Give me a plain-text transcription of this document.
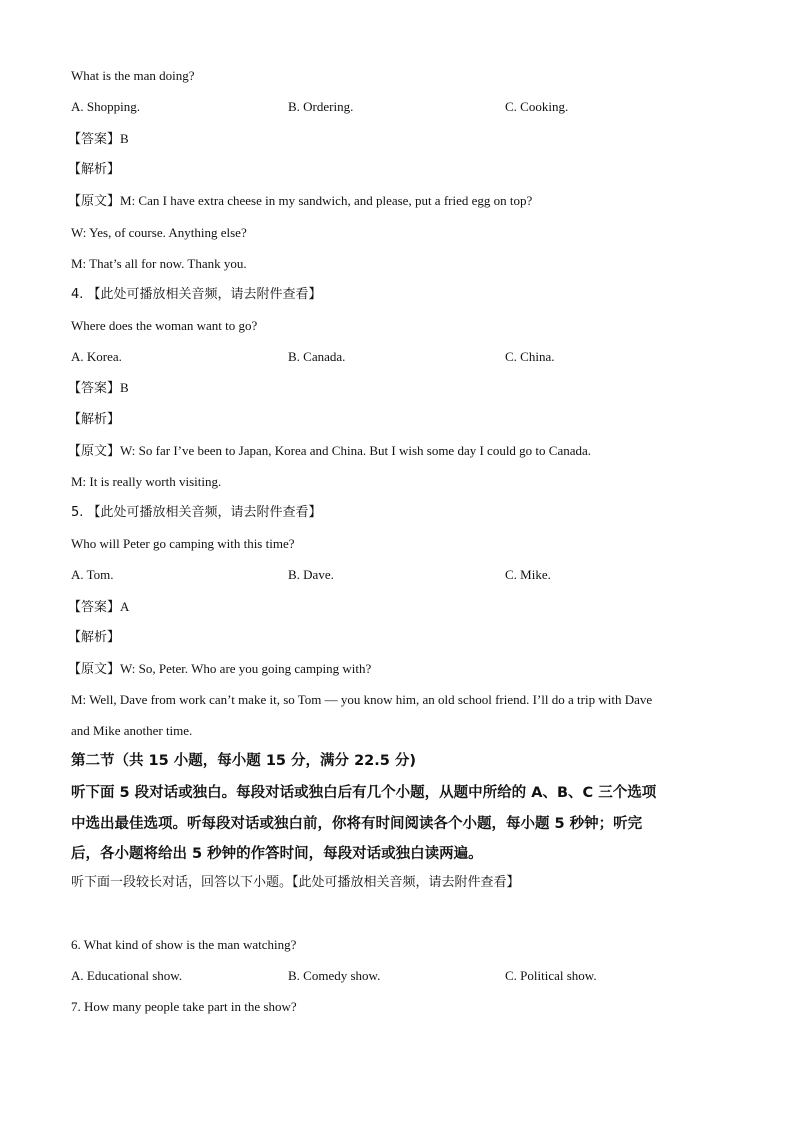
What is the man doing?
A. Shopping.	B. Ordering.	C. Cooking.
【答案】B
【解析】
【原文】M: Can I have extra cheese in my sandwich, and please, put a fried egg on top?
W: Yes, of course. Anything else?
M: That’s all for now. Thank you.
4. 【此处可播放相关音频，请去附件查看】
Where does the woman want to go?
A. Korea.	B. Canada.	C. China.
【答案】B
【解析】
【原文】W: So far I’ve been to Japan, Korea and China. But I wish some day I could go to Canada.
M: It is really worth visiting.
5. 【此处可播放相关音频，请去附件查看】
Who will Peter go camping with this time?
A. Tom.	B. Dave.	C. Mike.
【答案】A
【解析】
【原文】W: So, Peter. Who are you going camping with?
M: Well, Dave from work can’t make it, so Tom — you know him, an old school friend. I’ll do a trip with Dave
and Mike another time.
第二节（共 15 小题，每小题 15 分，满分 22.5 分)
听下面 5 段对话或独白。每段对话或独白后有几个小题，从题中所给的 A、B、C 三个选项
中选出最佳选项。听每段对话或独白前，你将有时间阅读各个小题，每小题 5 秒钟；听完
后，各小题将给出 5 秒钟的作答时间，每段对话或独白读两遍。
听下面一段较长对话，回答以下小题。【此处可播放相关音频，请去附件查看】
6. What kind of show is the man watching?
A. Educational show.	B. Comedy show.	C. Political show.
7. How many people take part in the show?
